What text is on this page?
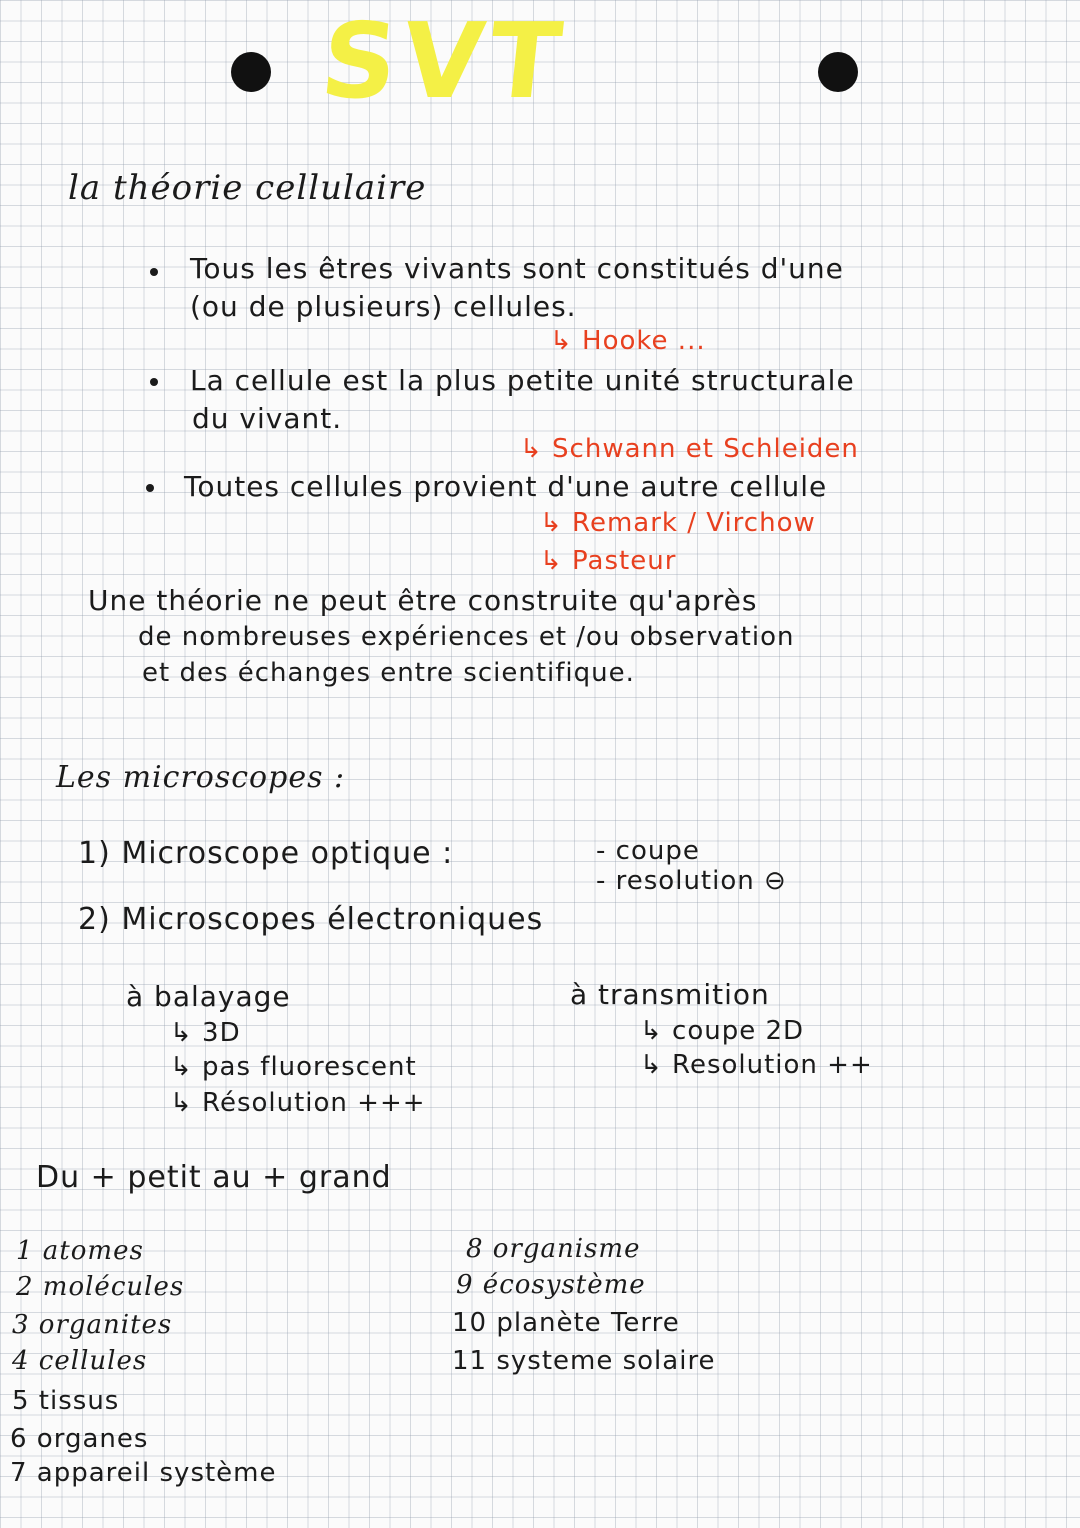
SVT
la théorie cellulaire
Tous les êtres vivants sont constitués d'une
(ou de plusieurs) cellules.
↳ Hooke ...
La cellule est la plus petite unité structurale
du vivant.
↳ Schwann et Schleiden
Toutes cellules provient d'une autre cellule
↳ Remark / Virchow
↳ Pasteur
Une théorie ne peut être construite qu'après
de nombreuses expériences et /ou observation
et des échanges entre scientifique.
Les microscopes :
1) Microscope optique :	- coupe
- resolution ⊖
2) Microscopes électroniques
à balayage
↳ 3D
↳ pas fluorescent
↳ Résolution +++
à transmition
↳ coupe 2D
↳ Resolution ++
Du + petit au + grand
1 atomes
2 molécules
3 organites
4 cellules
5 tissus
6 organes
7 appareil système
8 organisme
9 écosystème
10 planète Terre
11 systeme solaire
